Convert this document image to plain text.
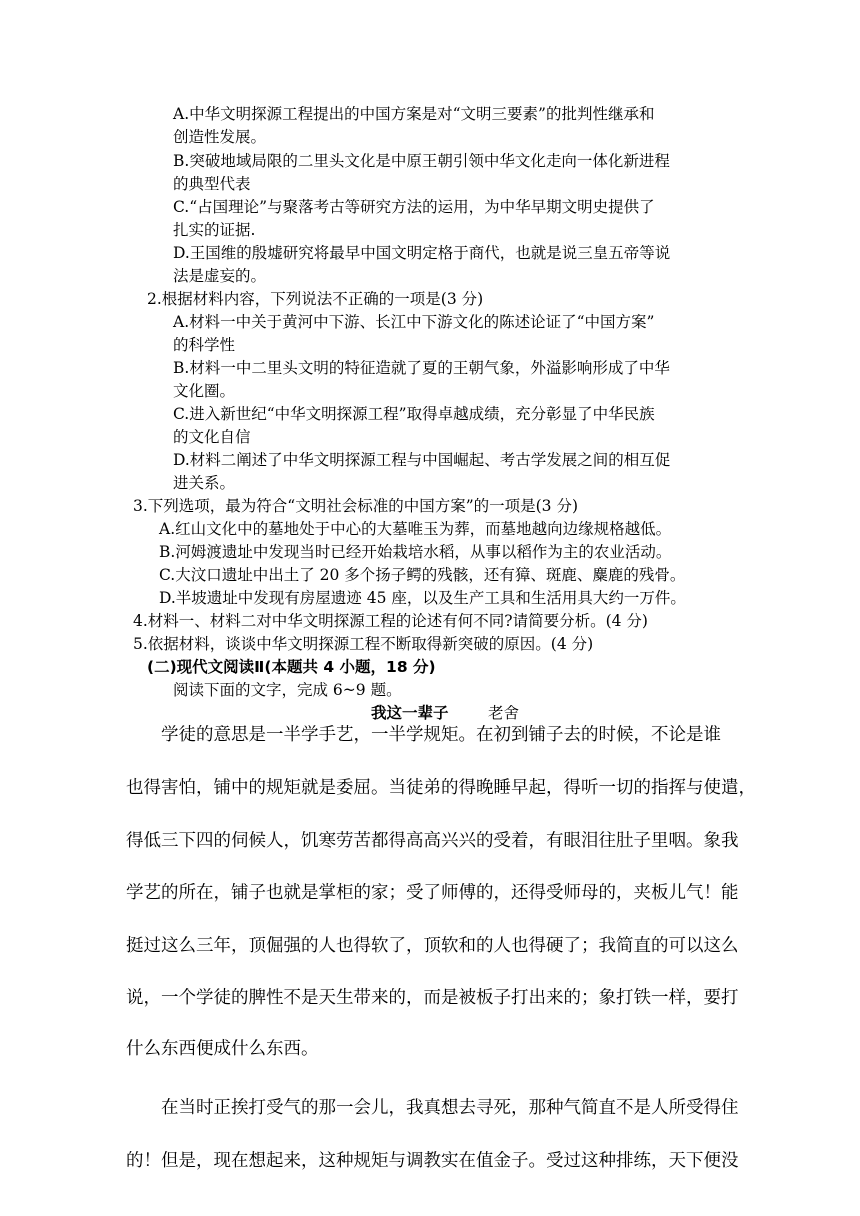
A.中华文明探源工程提出的中国方案是对“文明三要素”的批判性继承和
创造性发展。
B.突破地域局限的二里头文化是中原王朝引领中华文化走向一体化新进程
的典型代表
C.“占国理论”与聚落考古等研究方法的运用，为中华早期文明史提供了
扎实的证据.
D.王国维的殷墟研究将最早中国文明定格于商代，也就是说三皇五帝等说
法是虚妄的。
2.根据材料内容，下列说法不正确的一项是(3 分)
A.材料一中关于黄河中下游、长江中下游文化的陈述论证了“中国方案”
的科学性
B.材料一中二里头文明的特征造就了夏的王朝气象，外溢影响形成了中华
文化圈。
C.进入新世纪“中华文明探源工程”取得卓越成绩，充分彰显了中华民族
的文化自信
D.材料二阐述了中华文明探源工程与中国崛起、考古学发展之间的相互促
进关系。
3.下列选项，最为符合“文明社会标准的中国方案”的一项是(3 分)
A.红山文化中的墓地处于中心的大墓唯玉为葬，而墓地越向边缘规格越低。
B.河姆渡遗址中发现当时已经开始栽培水稻，从事以稻作为主的农业活动。
C.大汶口遗址中出土了 20 多个扬子鳄的残骸，还有獐、斑鹿、麋鹿的残骨。
D.半坡遗址中发现有房屋遗迹 45 座，以及生产工具和生活用具大约一万件。
4.材料一、材料二对中华文明探源工程的论述有何不同?请简要分析。(4 分)
5.依据材料，谈谈中华文明探源工程不断取得新突破的原因。(4 分)
(二)现代文阅读Ⅱ(本题共 4 小题，18 分)
阅读下面的文字，完成 6~9 题。
我这一辈子	老舍
学徒的意思是一半学手艺，一半学规矩。在初到铺子去的时候，不论是谁
也得害怕，铺中的规矩就是委屈。当徒弟的得晚睡早起，得听一切的指挥与使遣，
得低三下四的伺候人，饥寒劳苦都得高高兴兴的受着，有眼泪往肚子里咽。象我
学艺的所在，铺子也就是掌柜的家；受了师傅的，还得受师母的，夹板儿气！能
挺过这么三年，顶倔强的人也得软了，顶软和的人也得硬了；我简直的可以这么
说，一个学徒的脾性不是天生带来的，而是被板子打出来的；象打铁一样，要打
什么东西便成什么东西。
在当时正挨打受气的那一会儿，我真想去寻死，那种气简直不是人所受得住
的！但是，现在想起来，这种规矩与调教实在值金子。受过这种排练，天下便没
